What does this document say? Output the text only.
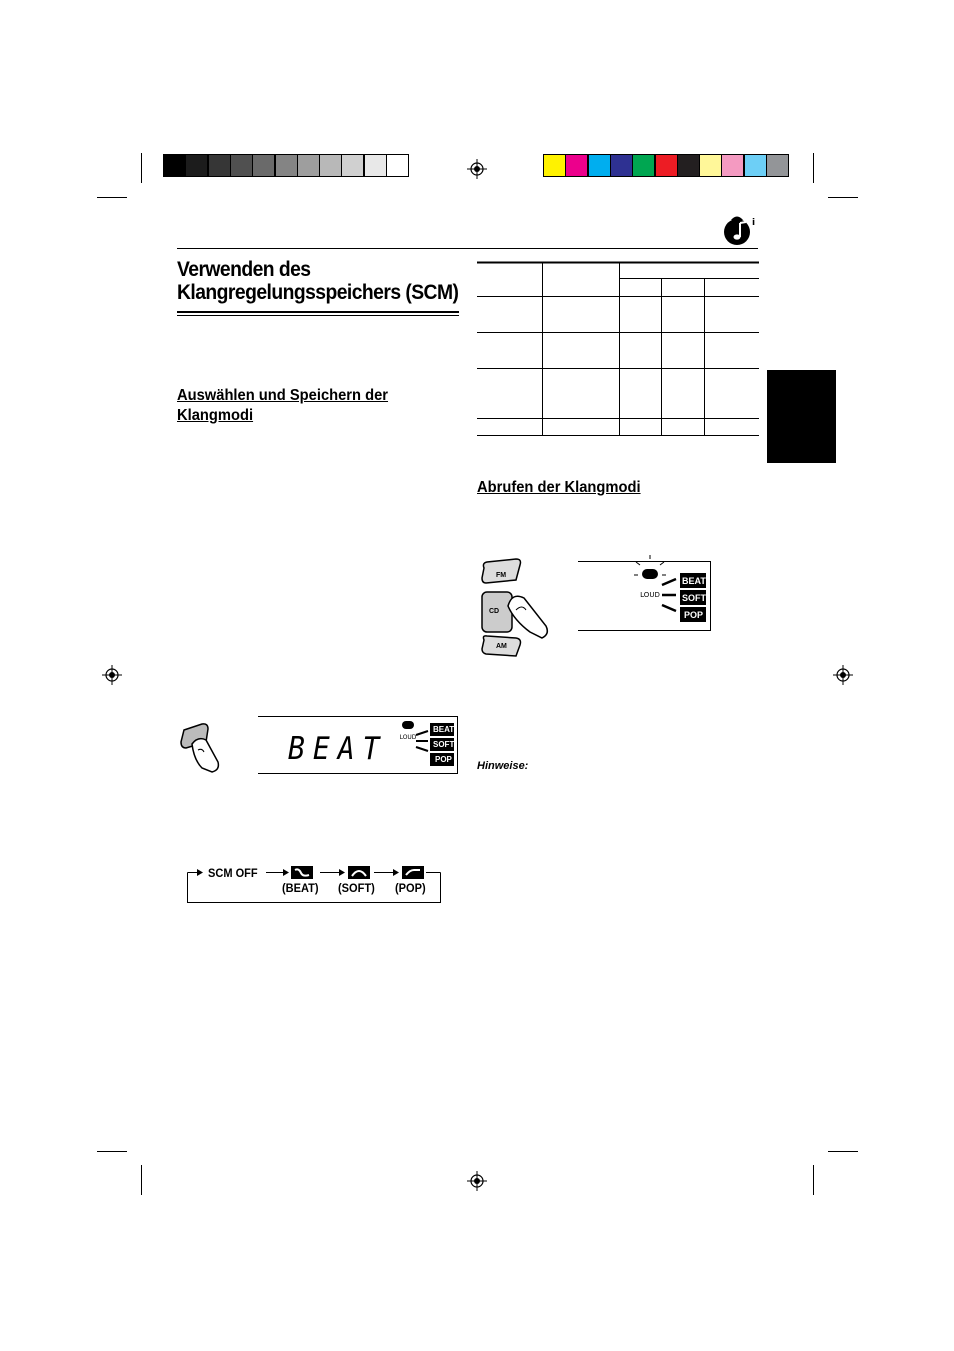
i
Verwenden des
Klangregelungsspeichers (SCM)
Auswählen und Speichern der
Klangmodi
Abrufen der Klangmodi
BEAT LOUD
BEAT
SOFT
POP
SCM OFF
(BEAT) (SOFT) (POP)
FM
CD
AM
LOUD
BEAT
SOFT
POP
Hinweise:
